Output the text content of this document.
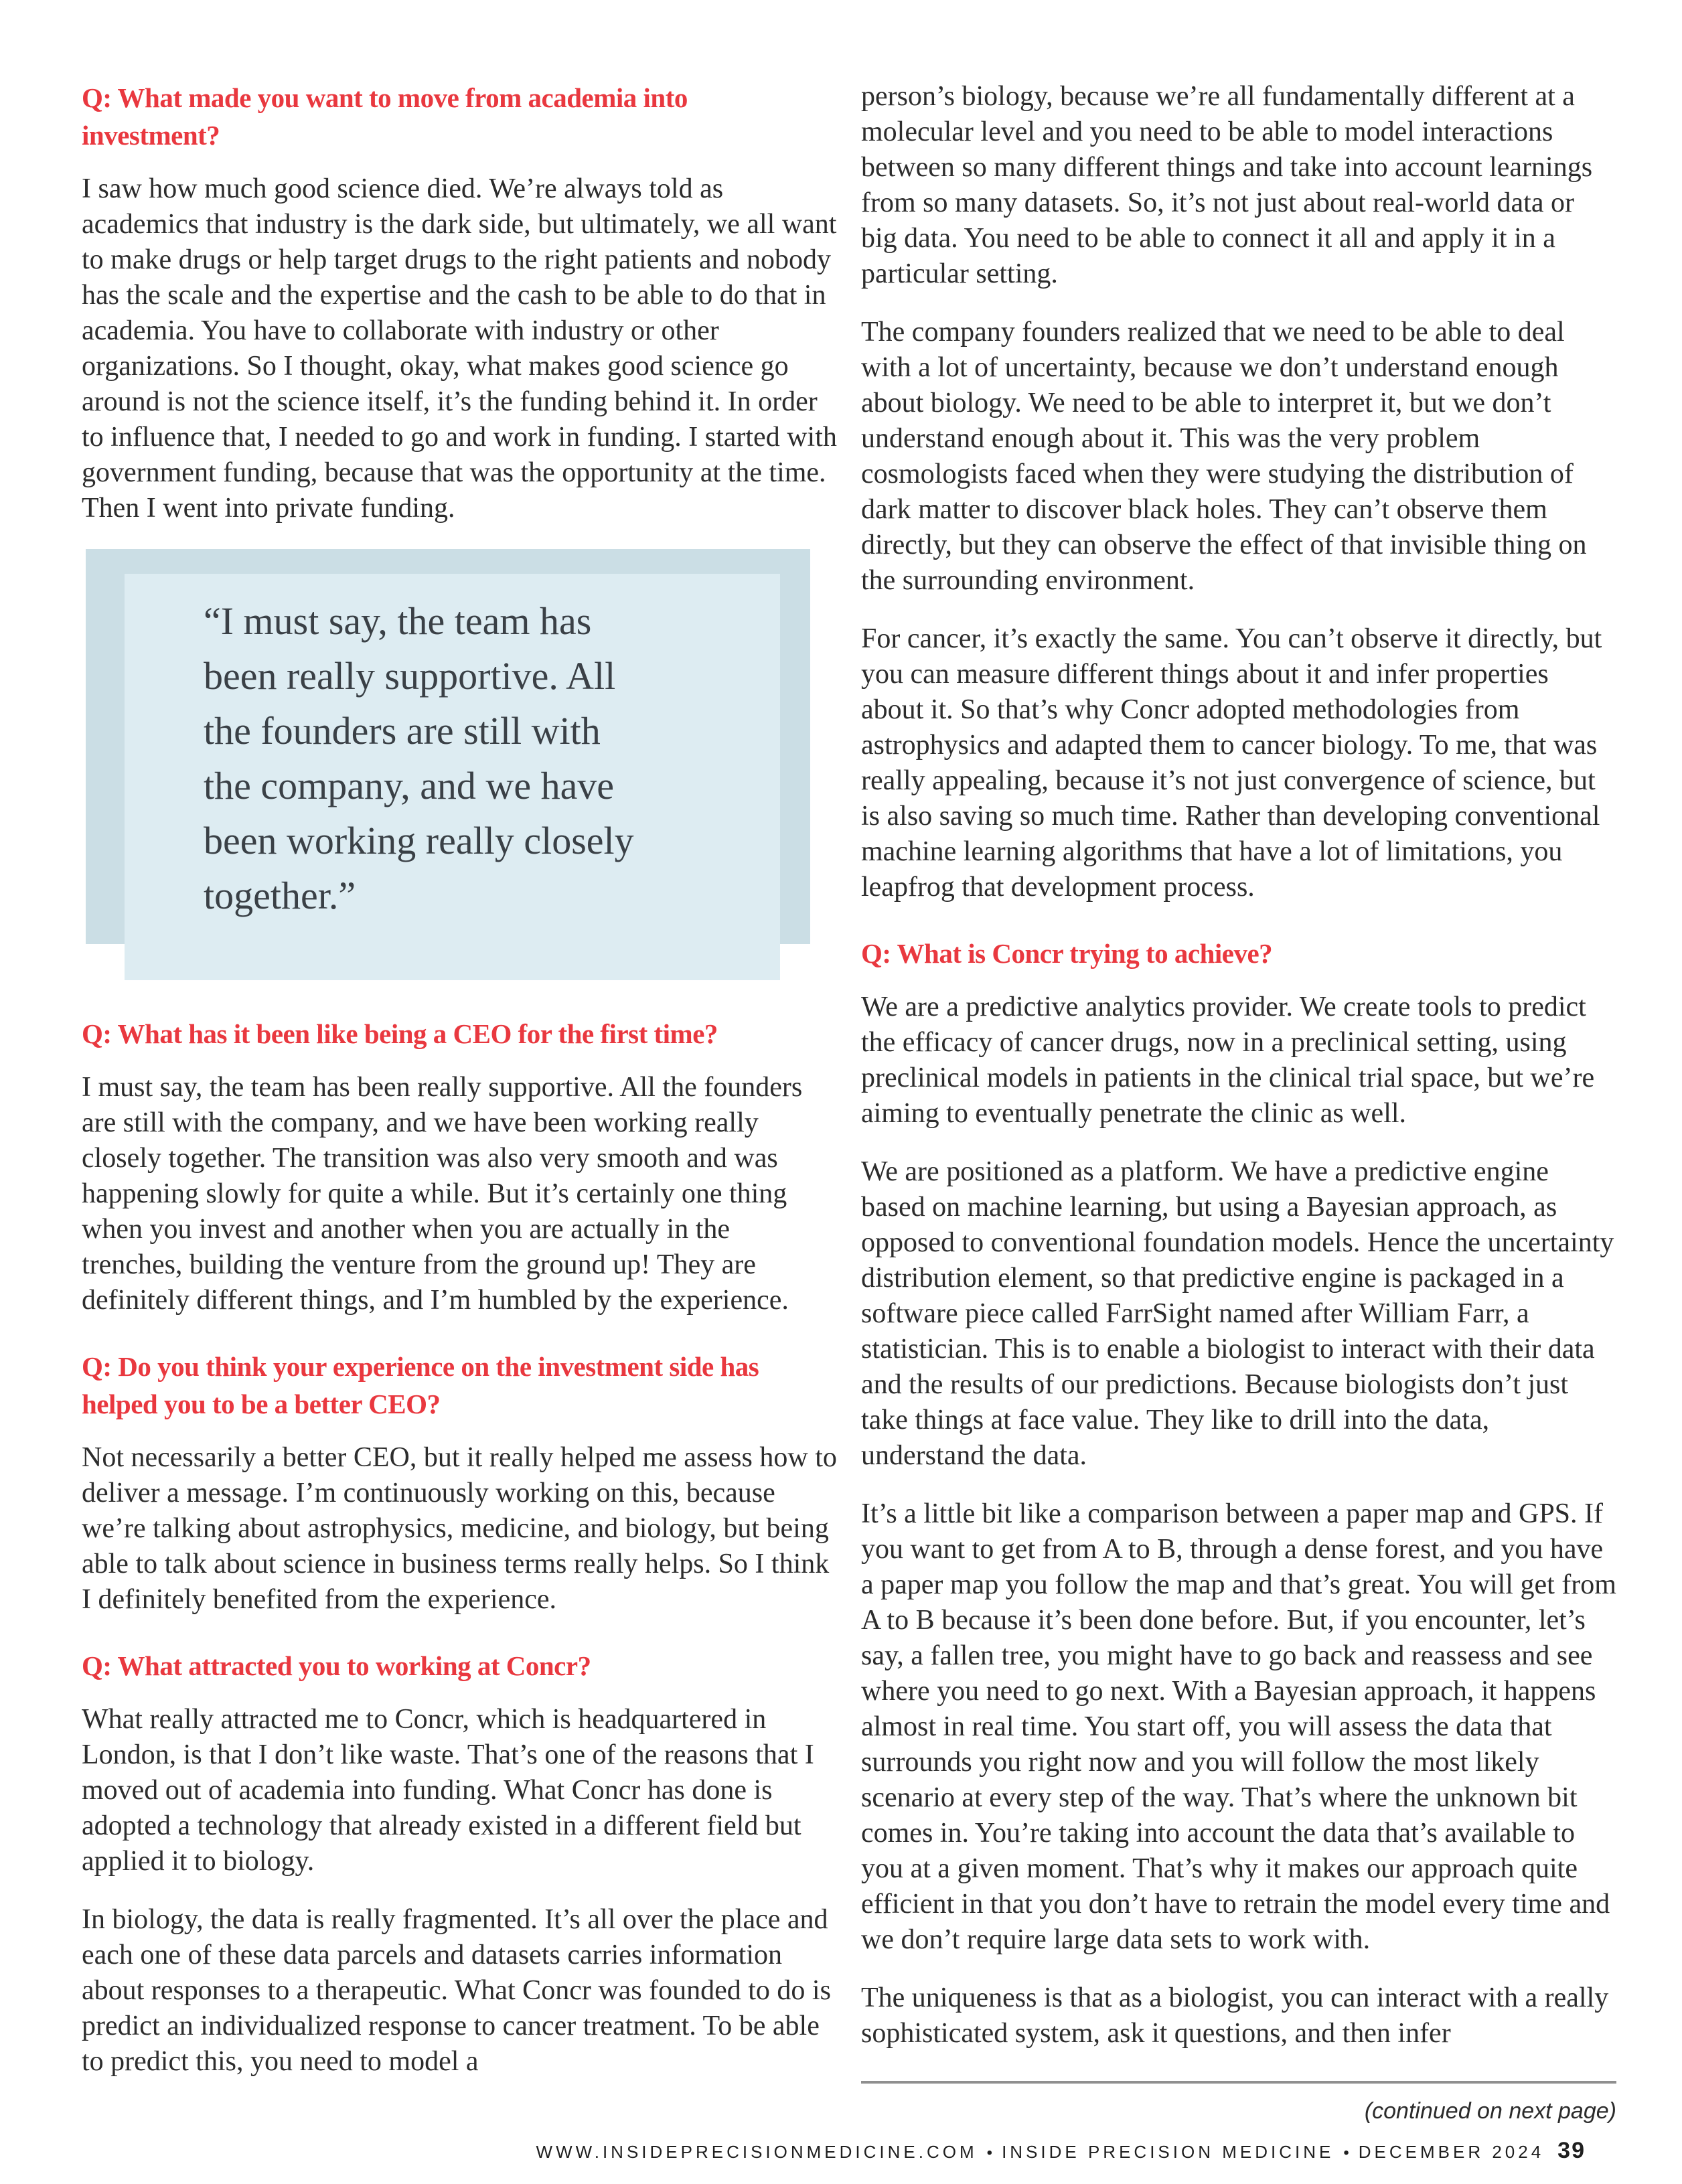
Q: What made you want to move from academia into investment?

I saw how much good science died. We’re always told as academics that industry is the dark side, but ultimately, we all want to make drugs or help target drugs to the right patients and nobody has the scale and the expertise and the cash to be able to do that in academia. You have to collaborate with industry or other organizations. So I thought, okay, what makes good science go around is not the science itself, it’s the funding behind it. In order to influence that, I needed to go and work in funding. I started with government funding, because that was the opportunity at the time. Then I went into private funding.

“I must say, the team has
been really supportive. All
the founders are still with
the company, and we have
been working really closely
together.”
Q: What has it been like being a CEO for the first time?

I must say, the team has been really supportive. All the founders are still with the company, and we have been working really closely together. The transition was also very smooth and was happening slowly for quite a while. But it’s certainly one thing when you invest and another when you are actually in the trenches, building the venture from the ground up! They are definitely different things, and I’m humbled by the experience.

Q: Do you think your experience on the investment side has helped you to be a better CEO?

Not necessarily a better CEO, but it really helped me assess how to deliver a message. I’m continuously working on this, because we’re talking about astrophysics, medicine, and biology, but being able to talk about science in business terms really helps. So I think I definitely benefited from the experience.

Q: What attracted you to working at Concr?

What really attracted me to Concr, which is headquartered in London, is that I don’t like waste. That’s one of the reasons that I moved out of academia into funding. What Concr has done is adopted a technology that already existed in a different field but applied it to biology.

In biology, the data is really fragmented. It’s all over the place and each one of these data parcels and datasets carries information about responses to a therapeutic. What Concr was founded to do is predict an individualized response to cancer treatment. To be able to predict this, you need to model a

person’s biology, because we’re all fundamentally different at a molecular level and you need to be able to model interactions between so many different things and take into account learnings from so many datasets. So, it’s not just about real-world data or big data. You need to be able to connect it all and apply it in a particular setting.

The company founders realized that we need to be able to deal with a lot of uncertainty, because we don’t understand enough about biology. We need to be able to interpret it, but we don’t understand enough about it. This was the very problem cosmologists faced when they were studying the distribution of dark matter to discover black holes. They can’t observe them directly, but they can observe the effect of that invisible thing on the surrounding environment.

For cancer, it’s exactly the same. You can’t observe it directly, but you can measure different things about it and infer properties about it. So that’s why Concr adopted methodologies from astrophysics and adapted them to cancer biology. To me, that was really appealing, because it’s not just convergence of science, but is also saving so much time. Rather than developing conventional machine learning algorithms that have a lot of limitations, you leapfrog that development process.

Q: What is Concr trying to achieve?

We are a predictive analytics provider. We create tools to predict the efficacy of cancer drugs, now in a preclinical setting, using preclinical models in patients in the clinical trial space, but we’re aiming to eventually penetrate the clinic as well.

We are positioned as a platform. We have a predictive engine based on machine learning, but using a Bayesian approach, as opposed to conventional foundation models. Hence the uncertainty distribution element, so that predictive engine is packaged in a software piece called FarrSight named after William Farr, a statistician. This is to enable a biologist to interact with their data and the results of our predictions. Because biologists don’t just take things at face value. They like to drill into the data, understand the data.

It’s a little bit like a comparison between a paper map and GPS. If you want to get from A to B, through a dense forest, and you have a paper map you follow the map and that’s great. You will get from A to B because it’s been done before. But, if you encounter, let’s say, a fallen tree, you might have to go back and reassess and see where you need to go next. With a Bayesian approach, it happens almost in real time. You start off, you will assess the data that surrounds you right now and you will follow the most likely scenario at every step of the way. That’s where the unknown bit comes in. You’re taking into account the data that’s available to you at a given moment. That’s why it makes our approach quite efficient in that you don’t have to retrain the model every time and we don’t require large data sets to work with.

The uniqueness is that as a biologist, you can interact with a really sophisticated system, ask it questions, and then infer

(continued on next page)
WWW.INSIDEPRECISIONMEDICINE.COM • INSIDE PRECISION MEDICINE • DECEMBER 2024 39
